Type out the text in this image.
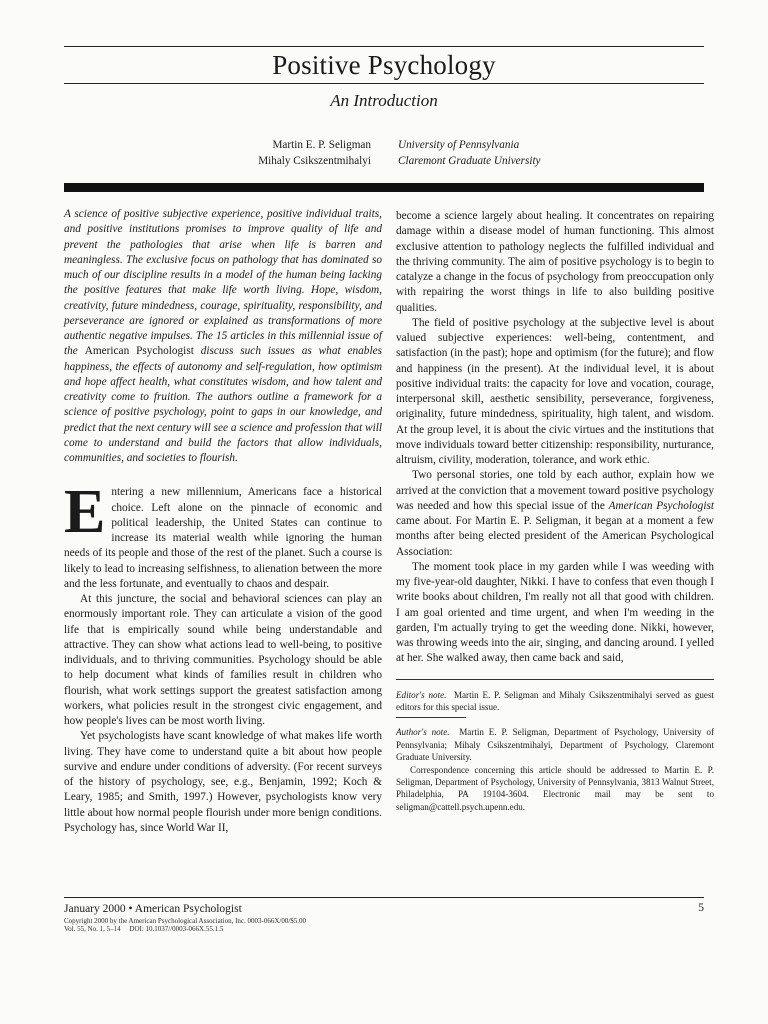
Positive Psychology
An Introduction
Martin E. P. Seligman
Mihaly Csikszentmihalyi
University of Pennsylvania
Claremont Graduate University

A science of positive subjective experience, positive individual traits, and positive institutions promises to improve quality of life and prevent the pathologies that arise when life is barren and meaningless. The exclusive focus on pathology that has dominated so much of our discipline results in a model of the human being lacking the positive features that make life worth living. Hope, wisdom, creativity, future mindedness, courage, spirituality, responsibility, and perseverance are ignored or explained as transformations of more authentic negative impulses. The 15 articles in this millennial issue of the American Psychologist discuss such issues as what enables happiness, the effects of autonomy and self-regulation, how optimism and hope affect health, what constitutes wisdom, and how talent and creativity come to fruition. The authors outline a framework for a science of positive psychology, point to gaps in our knowledge, and predict that the next century will see a science and profession that will come to understand and build the factors that allow individuals, communities, and societies to flourish.

Entering a new millennium, Americans face a historical choice. Left alone on the pinnacle of economic and political leadership, the United States can continue to increase its material wealth while ignoring the human needs of its people and those of the rest of the planet. Such a course is likely to lead to increasing selfishness, to alienation between the more and the less fortunate, and eventually to chaos and despair.

At this juncture, the social and behavioral sciences can play an enormously important role. They can articulate a vision of the good life that is empirically sound while being understandable and attractive. They can show what actions lead to well-being, to positive individuals, and to thriving communities. Psychology should be able to help document what kinds of families result in children who flourish, what work settings support the greatest satisfaction among workers, what policies result in the strongest civic engagement, and how people's lives can be most worth living.

Yet psychologists have scant knowledge of what makes life worth living. They have come to understand quite a bit about how people survive and endure under conditions of adversity. (For recent surveys of the history of psychology, see, e.g., Benjamin, 1992; Koch & Leary, 1985; and Smith, 1997.) However, psychologists know very little about how normal people flourish under more benign conditions. Psychology has, since World War II,

become a science largely about healing. It concentrates on repairing damage within a disease model of human functioning. This almost exclusive attention to pathology neglects the fulfilled individual and the thriving community. The aim of positive psychology is to begin to catalyze a change in the focus of psychology from preoccupation only with repairing the worst things in life to also building positive qualities.

The field of positive psychology at the subjective level is about valued subjective experiences: well-being, contentment, and satisfaction (in the past); hope and optimism (for the future); and flow and happiness (in the present). At the individual level, it is about positive individual traits: the capacity for love and vocation, courage, interpersonal skill, aesthetic sensibility, perseverance, forgiveness, originality, future mindedness, spirituality, high talent, and wisdom. At the group level, it is about the civic virtues and the institutions that move individuals toward better citizenship: responsibility, nurturance, altruism, civility, moderation, tolerance, and work ethic.

Two personal stories, one told by each author, explain how we arrived at the conviction that a movement toward positive psychology was needed and how this special issue of the American Psychologist came about. For Martin E. P. Seligman, it began at a moment a few months after being elected president of the American Psychological Association:

The moment took place in my garden while I was weeding with my five-year-old daughter, Nikki. I have to confess that even though I write books about children, I'm really not all that good with children. I am goal oriented and time urgent, and when I'm weeding in the garden, I'm actually trying to get the weeding done. Nikki, however, was throwing weeds into the air, singing, and dancing around. I yelled at her. She walked away, then came back and said,

Editor's note. Martin E. P. Seligman and Mihaly Csikszentmihalyi served as guest editors for this special issue.

Author's note. Martin E. P. Seligman, Department of Psychology, University of Pennsylvania; Mihaly Csikszentmihalyi, Department of Psychology, Claremont Graduate University.

Correspondence concerning this article should be addressed to Martin E. P. Seligman, Department of Psychology, University of Pennsylvania, 3813 Walnut Street, Philadelphia, PA 19104-3604. Electronic mail may be sent to seligman@cattell.psych.upenn.edu.

January 2000 • American Psychologist
Copyright 2000 by the American Psychological Association, Inc. 0003-066X/00/$5.00
Vol. 55, No. 1, 5–14     DOI: 10.1037//0003-066X.55.1.5
5
